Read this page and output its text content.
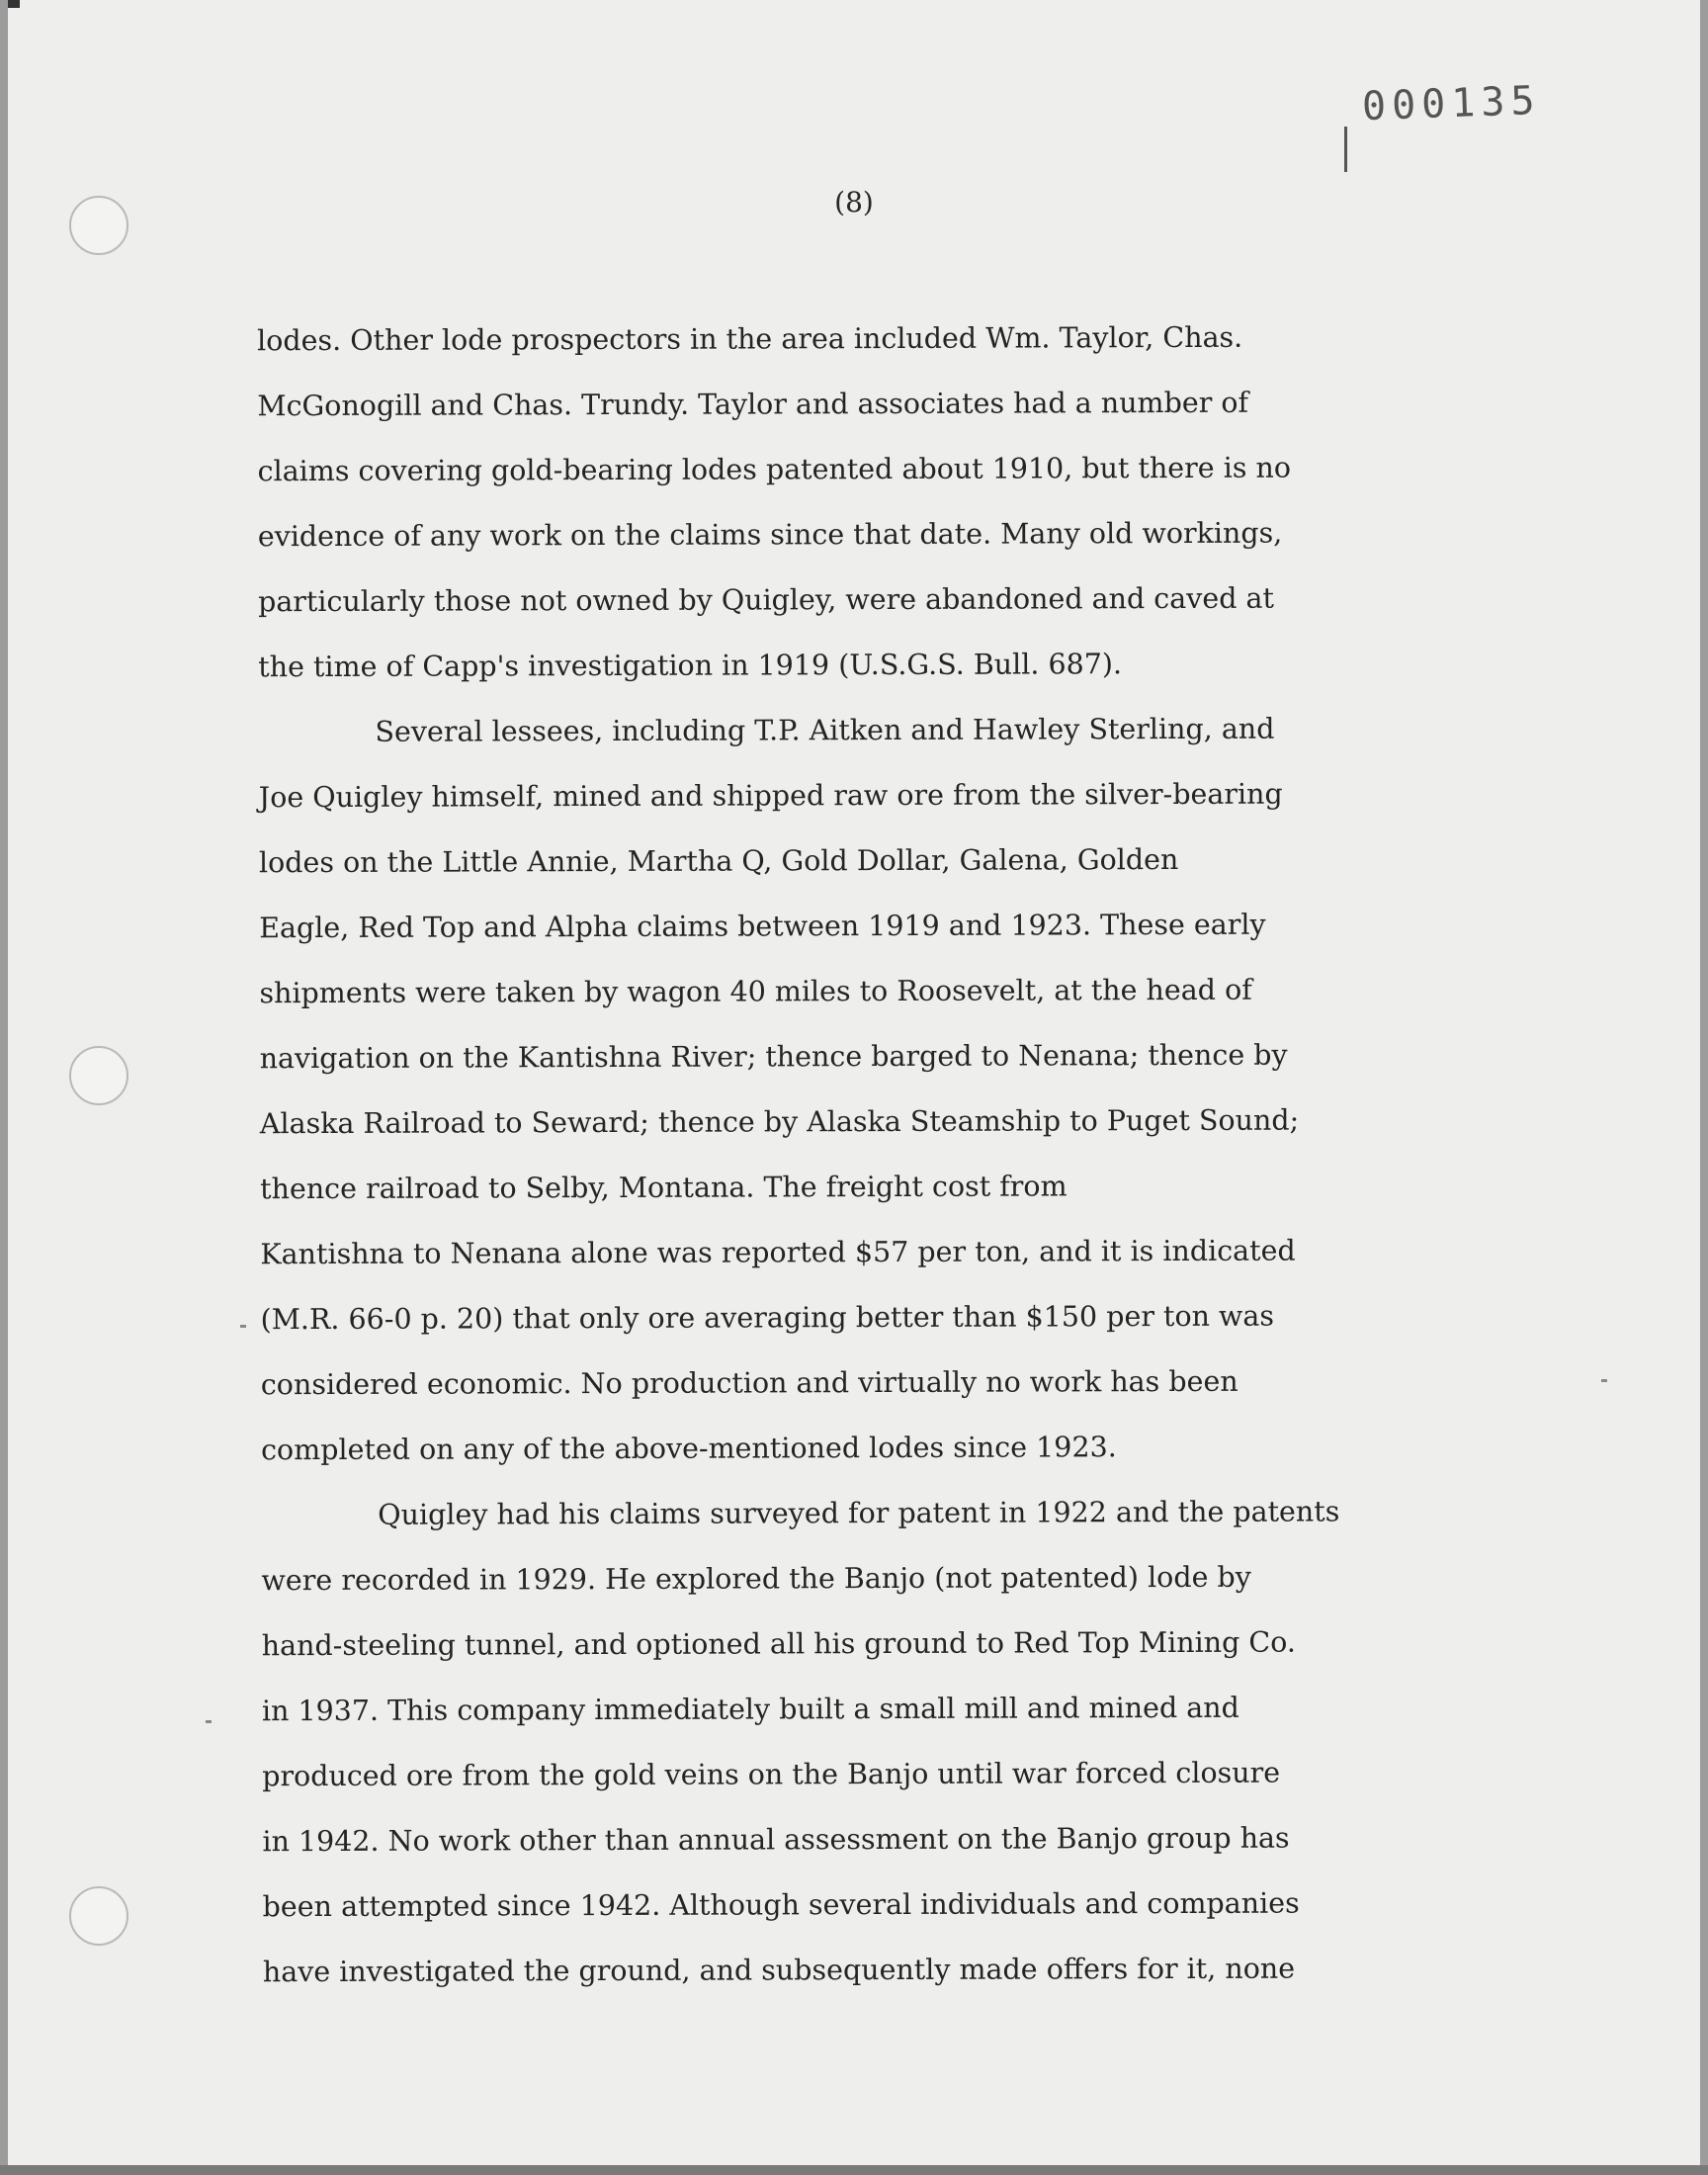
000135
(8)

lodes. Other lode prospectors in the area included Wm. Taylor, Chas.

McGonogill and Chas. Trundy. Taylor and associates had a number of

claims covering gold-bearing lodes patented about 1910, but there is no

evidence of any work on the claims since that date. Many old workings,

particularly those not owned by Quigley, were abandoned and caved at

the time of Capp's investigation in 1919 (U.S.G.S. Bull. 687).

Several lessees, including T.P. Aitken and Hawley Sterling, and

Joe Quigley himself, mined and shipped raw ore from the silver-bearing

lodes on the Little Annie, Martha Q, Gold Dollar, Galena, Golden

Eagle, Red Top and Alpha claims between 1919 and 1923. These early

shipments were taken by wagon 40 miles to Roosevelt, at the head of

navigation on the Kantishna River; thence barged to Nenana; thence by

Alaska Railroad to Seward; thence by Alaska Steamship to Puget Sound;

thence railroad to Selby, Montana. The freight cost from

Kantishna to Nenana alone was reported $57 per ton, and it is indicated

(M.R. 66-0 p. 20) that only ore averaging better than $150 per ton was

considered economic. No production and virtually no work has been

completed on any of the above-mentioned lodes since 1923.

Quigley had his claims surveyed for patent in 1922 and the patents

were recorded in 1929. He explored the Banjo (not patented) lode by

hand-steeling tunnel, and optioned all his ground to Red Top Mining Co.

in 1937. This company immediately built a small mill and mined and

produced ore from the gold veins on the Banjo until war forced closure

in 1942. No work other than annual assessment on the Banjo group has

been attempted since 1942. Although several individuals and companies

have investigated the ground, and subsequently made offers for it, none
